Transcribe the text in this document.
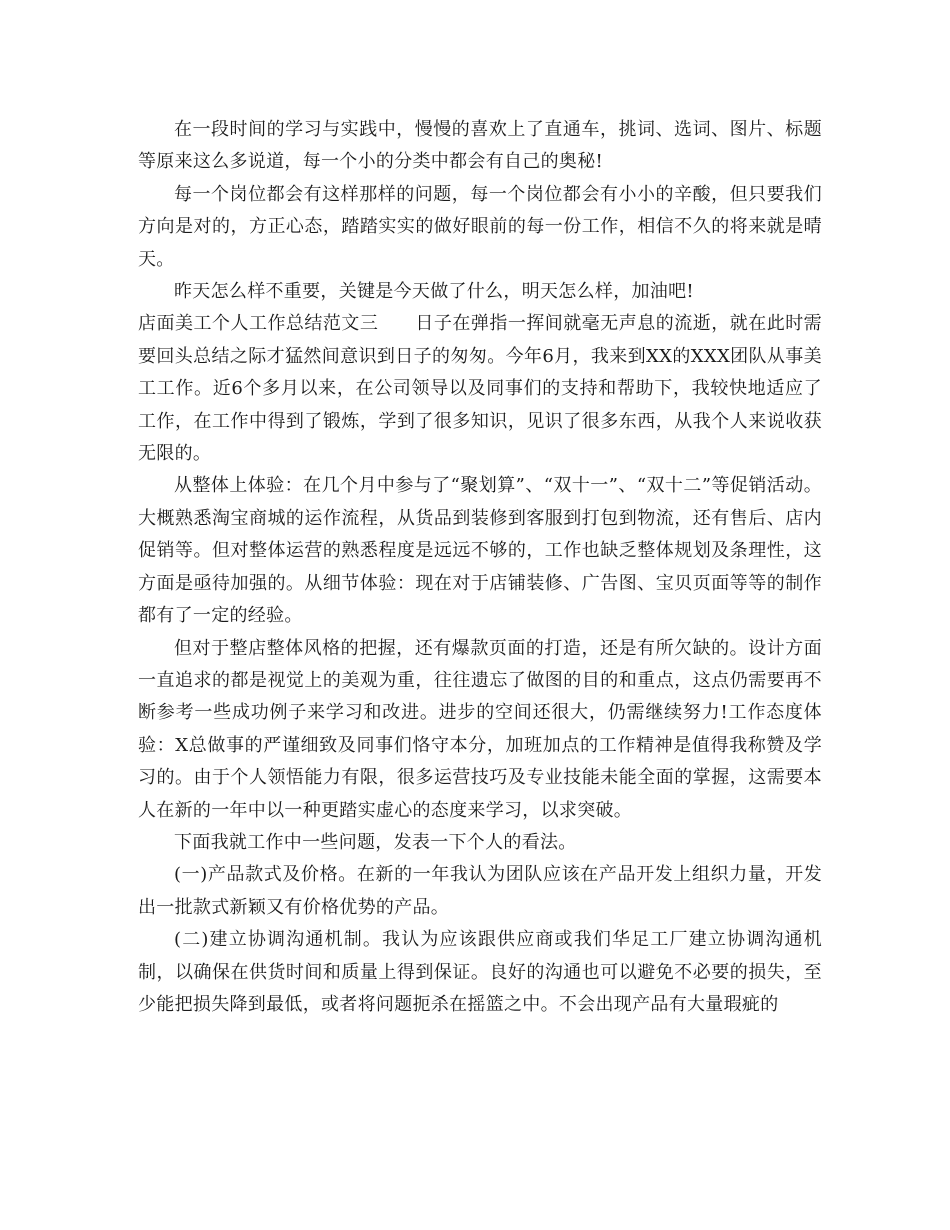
在一段时间的学习与实践中，慢慢的喜欢上了直通车，挑词、选词、图片、标题等原来这么多说道，每一个小的分类中都会有自己的奥秘!

每一个岗位都会有这样那样的问题，每一个岗位都会有小小的辛酸，但只要我们方向是对的，方正心态，踏踏实实的做好眼前的每一份工作，相信不久的将来就是晴天。

昨天怎么样不重要，关键是今天做了什么，明天怎么样，加油吧!

店面美工个人工作总结范文三　　日子在弹指一挥间就毫无声息的流逝，就在此时需要回头总结之际才猛然间意识到日子的匆匆。今年6月，我来到XX的XXX团队从事美工工作。近6个多月以来，在公司领导以及同事们的支持和帮助下，我较快地适应了工作，在工作中得到了锻炼，学到了很多知识，见识了很多东西，从我个人来说收获无限的。

从整体上体验：在几个月中参与了“聚划算”、“双十一”、“双十二”等促销活动。大概熟悉淘宝商城的运作流程，从货品到装修到客服到打包到物流，还有售后、店内促销等。但对整体运营的熟悉程度是远远不够的，工作也缺乏整体规划及条理性，这方面是亟待加强的。从细节体验：现在对于店铺装修、广告图、宝贝页面等等的制作都有了一定的经验。

但对于整店整体风格的把握，还有爆款页面的打造，还是有所欠缺的。设计方面一直追求的都是视觉上的美观为重，往往遗忘了做图的目的和重点，这点仍需要再不断参考一些成功例子来学习和改进。进步的空间还很大，仍需继续努力!工作态度体验：X总做事的严谨细致及同事们恪守本分，加班加点的工作精神是值得我称赞及学习的。由于个人领悟能力有限，很多运营技巧及专业技能未能全面的掌握，这需要本人在新的一年中以一种更踏实虚心的态度来学习，以求突破。

下面我就工作中一些问题，发表一下个人的看法。

(一)产品款式及价格。在新的一年我认为团队应该在产品开发上组织力量，开发出一批款式新颖又有价格优势的产品。

(二)建立协调沟通机制。我认为应该跟供应商或我们华足工厂建立协调沟通机制，以确保在供货时间和质量上得到保证。良好的沟通也可以避免不必要的损失，至少能把损失降到最低，或者将问题扼杀在摇篮之中。不会出现产品有大量瑕疵的
